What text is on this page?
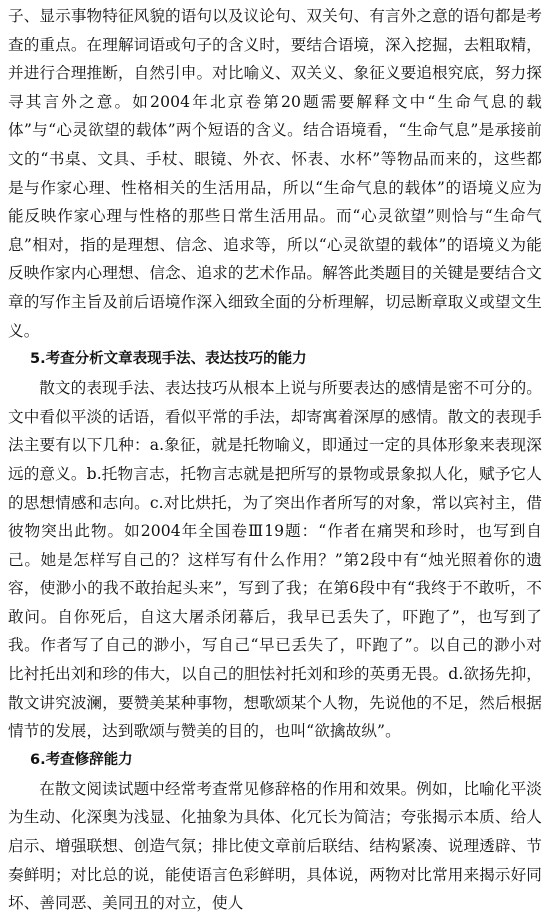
子、显示事物特征风貌的语句以及议论句、双关句、有言外之意的语句都是考查的重点。在理解词语或句子的含义时，要结合语境，深入挖掘，去粗取精，并进行合理推断，自然引申。对比喻义、双关义、象征义要追根究底，努力探寻其言外之意。如2004年北京卷第20题需要解释文中“生命气息的载体”与“心灵欲望的载体”两个短语的含义。结合语境看，“生命气息”是承接前文的“书桌、文具、手杖、眼镜、外衣、怀表、水杯”等物品而来的，这些都是与作家心理、性格相关的生活用品，所以“生命气息的载体”的语境义应为能反映作家心理与性格的那些日常生活用品。而“心灵欲望”则恰与“生命气息”相对，指的是理想、信念、追求等，所以“心灵欲望的载体”的语境义为能反映作家内心理想、信念、追求的艺术作品。解答此类题目的关键是要结合文章的写作主旨及前后语境作深入细致全面的分析理解，切忌断章取义或望文生义。

5.考查分析文章表现手法、表达技巧的能力

散文的表现手法、表达技巧从根本上说与所要表达的感情是密不可分的。文中看似平淡的话语，看似平常的手法，却寄寓着深厚的感情。散文的表现手法主要有以下几种：a.象征，就是托物喻义，即通过一定的具体形象来表现深远的意义。b.托物言志，托物言志就是把所写的景物或景象拟人化，赋予它人的思想情感和志向。c.对比烘托，为了突出作者所写的对象，常以宾衬主，借彼物突出此物。如2004年全国卷Ⅲ19题：“作者在痛哭和珍时，也写到自己。她是怎样写自己的？这样写有什么作用？”第2段中有“烛光照着你的遗容，使渺小的我不敢抬起头来”，写到了我；在第6段中有“我终于不敢听，不敢问。自你死后，自这大屠杀闭幕后，我早已丢失了，吓跑了”，也写到了我。作者写了自己的渺小，写自己“早已丢失了，吓跑了”。以自己的渺小对比衬托出刘和珍的伟大，以自己的胆怯衬托刘和珍的英勇无畏。d.欲扬先抑，散文讲究波澜，要赞美某种事物，想歌颂某个人物，先说他的不足，然后根据情节的发展，达到歌颂与赞美的目的，也叫“欲擒故纵”。

6.考查修辞能力

在散文阅读试题中经常考查常见修辞格的作用和效果。例如，比喻化平淡为生动、化深奥为浅显、化抽象为具体、化冗长为简洁；夸张揭示本质、给人启示、增强联想、创造气氛；排比使文章前后联结、结构紧凑、说理透辟、节奏鲜明；对比总的说，能使语言色彩鲜明，具体说，两物对比常用来揭示好同坏、善同恶、美同丑的对立，使人
